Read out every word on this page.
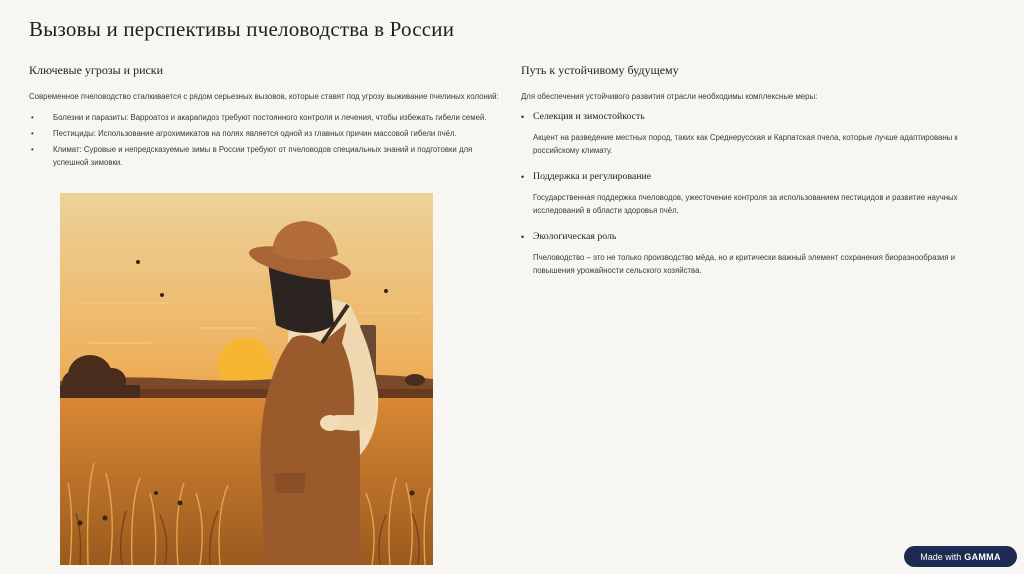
Вызовы и перспективы пчеловодства в России
Ключевые угрозы и риски

Современное пчеловодство сталкивается с рядом серьезных вызовов, которые ставят под угрозу выживание пчелиных колоний:

• Болезни и паразиты: Варроатоз и акарапидоз требуют постоянного контроля и лечения, чтобы избежать гибели семей.
• Пестициды: Использование агрохимикатов на полях является одной из главных причин массовой гибели пчёл.
• Климат: Суровые и непредсказуемые зимы в России требуют от пчеловодов специальных знаний и подготовки для успешной зимовки.
Путь к устойчивому будущему

Для обеспечения устойчивого развития отрасли необходимы комплексные меры:

• Селекция и зимостойкость

Акцент на разведение местных пород, таких как Среднерусская и Карпатская пчела, которые лучше адаптированы к российскому климату.

• Поддержка и регулирование

Государственная поддержка пчеловодов, ужесточение контроля за использованием пестицидов и развитие научных исследований в области здоровья пчёл.

• Экологическая роль

Пчеловодство – это не только производство мёда, но и критически важный элемент сохранения биоразнообразия и повышения урожайности сельского хозяйства.

Made with GAMMA
